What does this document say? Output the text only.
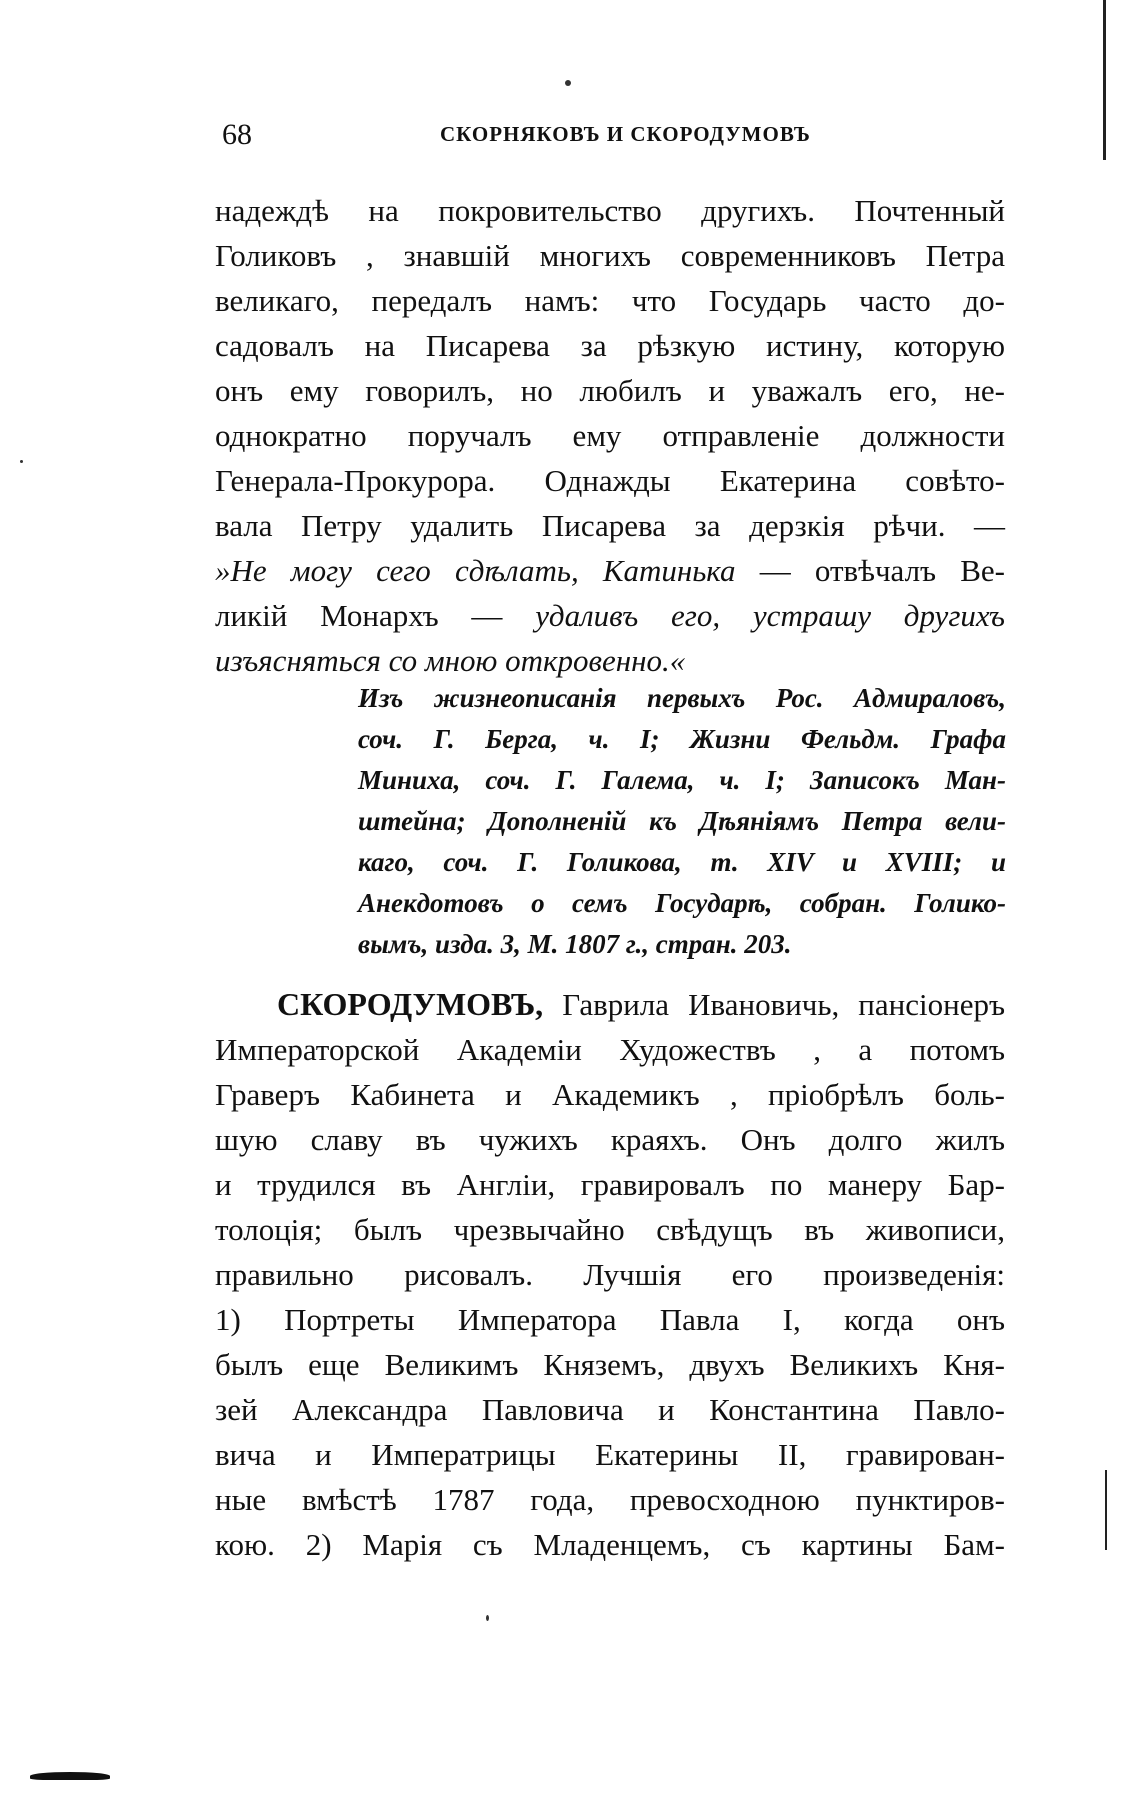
68	СКОРНЯКОВЪ И СКОРОДУМОВЪ
надеждѣ на покровительство другихъ. Почтенный
Голиковъ , знавшій многихъ современниковъ Петра
великаго, передалъ намъ: что Государь часто до-
садовалъ на Писарева за рѣзкую истину, которую
онъ ему говорилъ, но любилъ и уважалъ его, не-
однократно поручалъ ему отправленіе должности
Генерала-Прокурора. Однажды Екатерина совѣто-
вала Петру удалить Писарева за дерзкія рѣчи. —
»Не могу сего сдѣлать, Катинька — отвѣчалъ Ве-
ликій Монархъ — удаливъ его, устрашу другихъ
изъясняться со мною откровенно.«
Изъ жизнеописанія первыхъ Рос. Адмираловъ,
соч. Г. Берга, ч. I; Жизни Фельдм. Графа
Миниха, соч. Г. Галема, ч. I; Записокъ Ман-
штейна; Дополненій къ Дѣяніямъ Петра вели-
каго, соч. Г. Голикова, т. XIV и XVIII; и
Анекдотовъ о семъ Государѣ, собран. Голико-
вымъ, изда. 3, М. 1807 г., стран. 203.
СКОРОДУМОВЪ, Гаврила Ивановичь, пансіонеръ
Императорской Академіи Художествъ , а потомъ
Граверъ Кабинета и Академикъ , пріобрѣлъ боль-
шую славу въ чужихъ краяхъ. Онъ долго жилъ
и трудился въ Англіи, гравировалъ по манеру Бар-
толоція; былъ чрезвычайно свѣдущъ въ живописи,
правильно рисовалъ. Лучшія его произведенія:
1) Портреты Императора Павла I, когда онъ
былъ еще Великимъ Княземъ, двухъ Великихъ Кня-
зей Александра Павловича и Константина Павло-
вича и Императрицы Екатерины II, гравирован-
ные вмѣстѣ 1787 года, превосходною пунктиров-
кою. 2) Марія съ Младенцемъ, съ картины Бам-
